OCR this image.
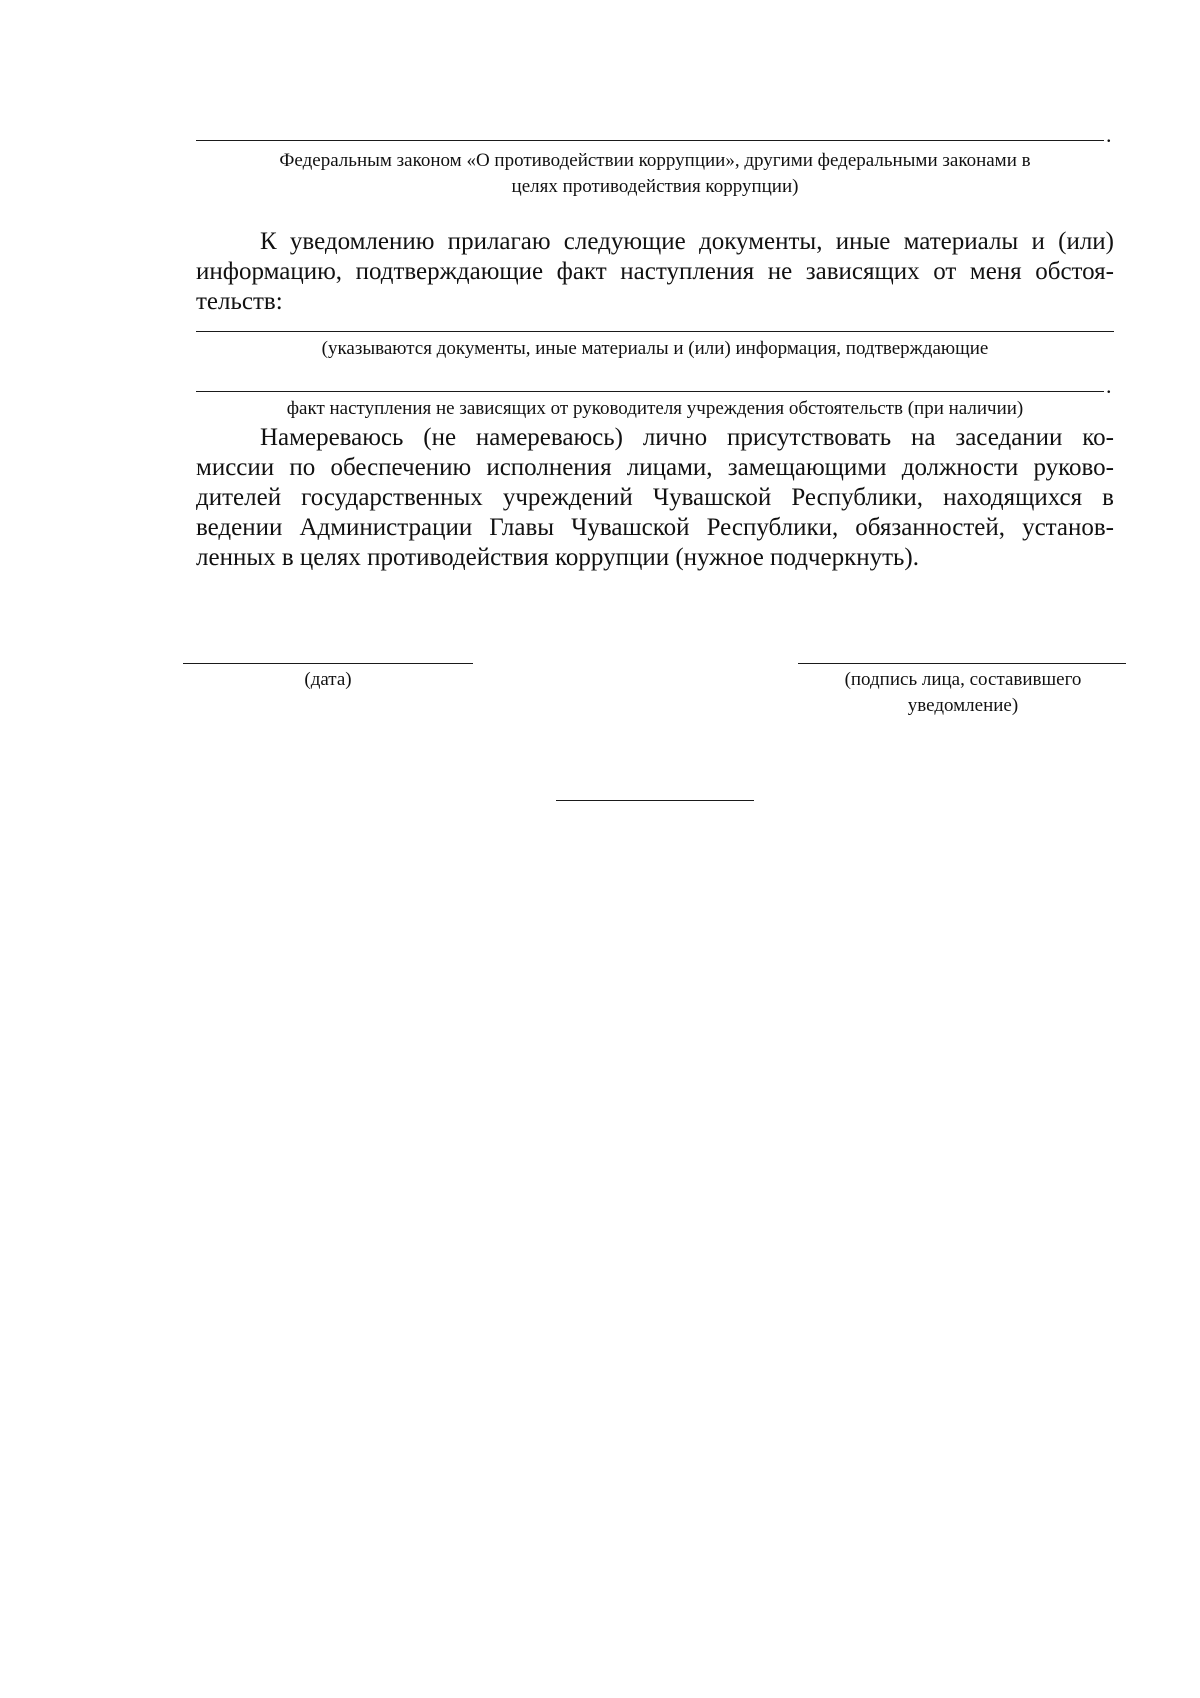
.
Федеральным законом «О противодействии коррупции», другими федеральными законами в
целях противодействия коррупции)
К уведомлению прилагаю следующие документы, иные материалы и (или)
информацию, подтверждающие факт наступления не зависящих от меня обстоя-
тельств:
(указываются документы, иные материалы и (или) информация, подтверждающие
.
факт наступления не зависящих от руководителя учреждения обстоятельств (при наличии)
Намереваюсь (не намереваюсь) лично присутствовать на заседании ко-
миссии по обеспечению исполнения лицами, замещающими должности руково-
дителей государственных учреждений Чувашской Республики, находящихся в
ведении Администрации Главы Чувашской Республики, обязанностей, установ-
ленных в целях противодействия коррупции (нужное подчеркнуть).
(дата)	(подпись лица, составившего
уведомление)
